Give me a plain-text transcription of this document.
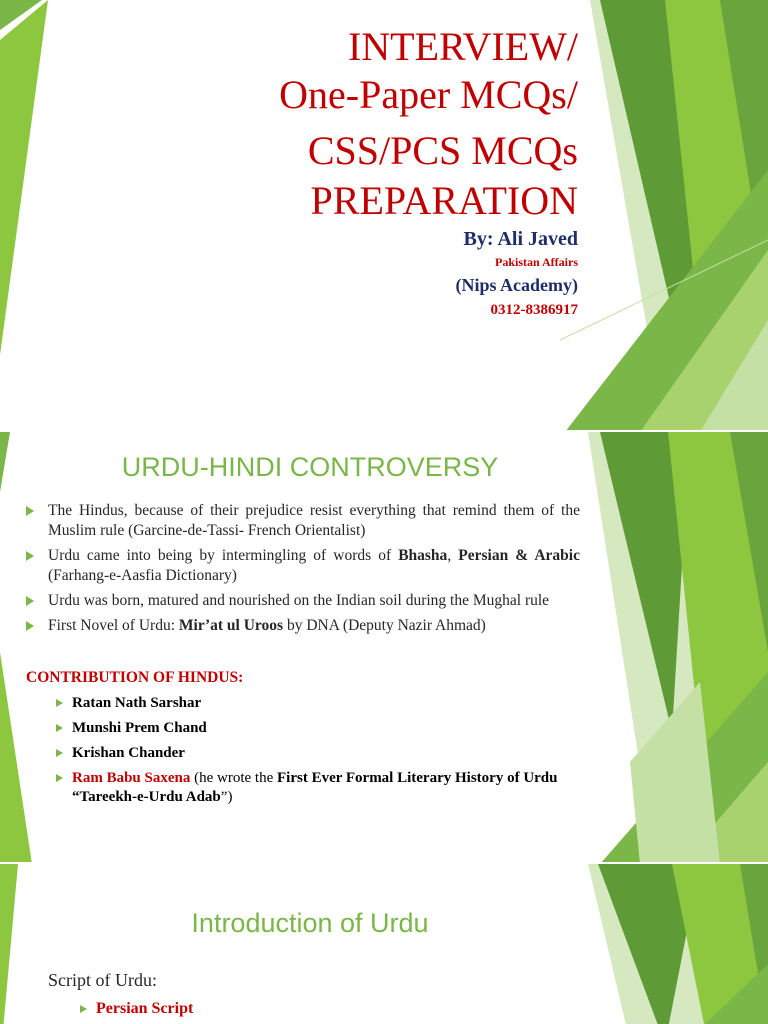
INTERVIEW/

One-Paper MCQs/

CSS/PCS MCQs

PREPARATION

By: Ali Javed
Pakistan Affairs
(Nips Academy)
0312-8386917
URDU-HINDI CONTROVERSY
The Hindus, because of their prejudice resist everything that remind them of the Muslim rule (Garcine-de-Tassi- French Orientalist)
Urdu came into being by intermingling of words of Bhasha, Persian & Arabic (Farhang-e-Aasfia Dictionary)
Urdu was born, matured and nourished on the Indian soil during the Mughal rule
First Novel of Urdu: Mir’at ul Uroos by DNA (Deputy Nazir Ahmad)

CONTRIBUTION OF HINDUS:

Ratan Nath Sarshar
Munshi Prem Chand
Krishan Chander
Ram Babu Saxena (he wrote the First Ever Formal Literary History of Urdu “Tareekh-e-Urdu Adab”)
Introduction of Urdu

Script of Urdu:

Persian Script
